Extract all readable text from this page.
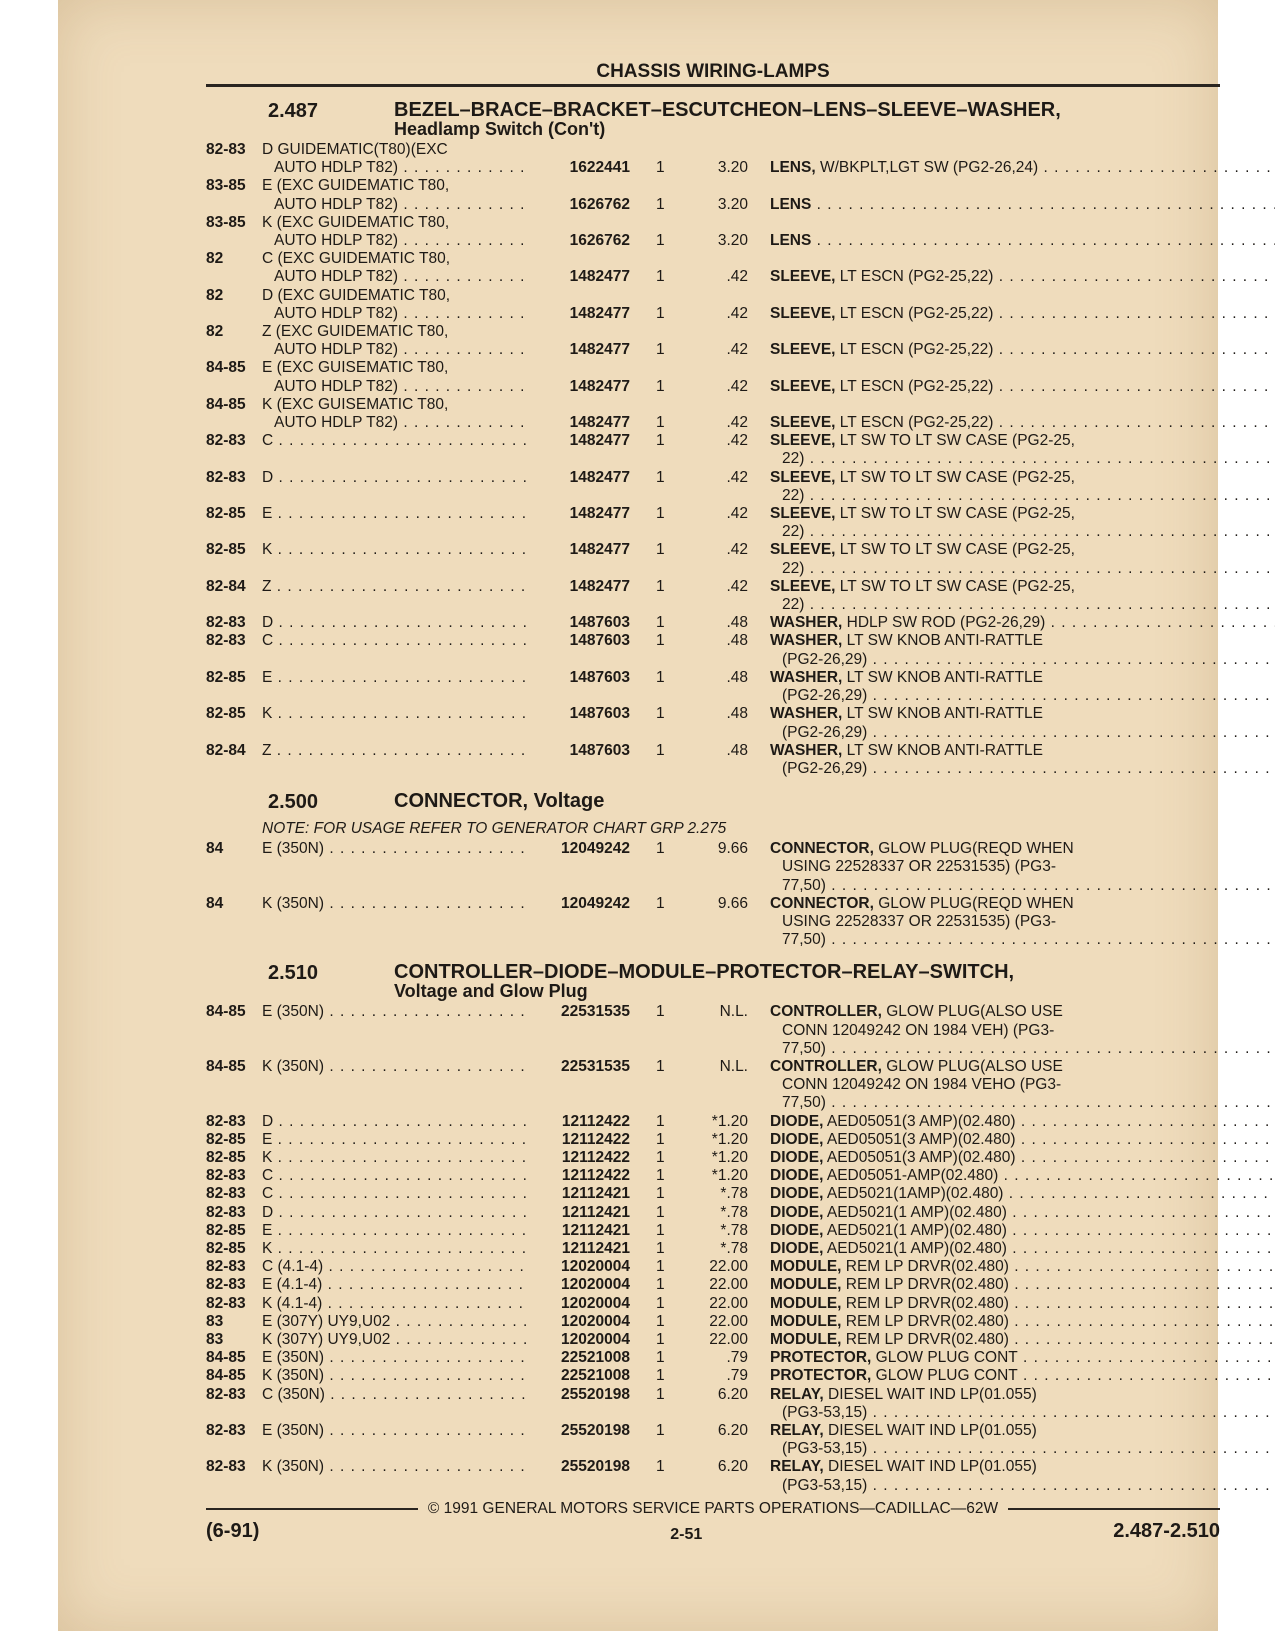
CHASSIS WIRING-LAMPS
2.487	BEZEL–BRACE–BRACKET–ESCUTCHEON–LENS–SLEEVE–WASHER,
Headlamp Switch (Con't)
82-83	D GUIDEMATIC(T80)(EXC
AUTO HDLP T82) . . .	1622441	1	3.20	LENS, W/BKPLT,LGT SW (PG2-26,24) . . .
83-85	E (EXC GUIDEMATIC T80,
AUTO HDLP T82) . . .	1626762	1	3.20	LENS . . .
83-85	K (EXC GUIDEMATIC T80,
AUTO HDLP T82) . . .	1626762	1	3.20	LENS . . .
82	C (EXC GUIDEMATIC T80,
AUTO HDLP T82) . . .	1482477	1	.42	SLEEVE, LT ESCN (PG2-25,22) . . .
82	D (EXC GUIDEMATIC T80,
AUTO HDLP T82) . . .	1482477	1	.42	SLEEVE, LT ESCN (PG2-25,22) . . .
82	Z (EXC GUIDEMATIC T80,
AUTO HDLP T82) . . .	1482477	1	.42	SLEEVE, LT ESCN (PG2-25,22) . . .
84-85	E (EXC GUISEMATIC T80,
AUTO HDLP T82) . . .	1482477	1	.42	SLEEVE, LT ESCN (PG2-25,22) . . .
84-85	K (EXC GUISEMATIC T80,
AUTO HDLP T82) . . .	1482477	1	.42	SLEEVE, LT ESCN (PG2-25,22) . . .
82-83	C . . .	1482477	1	.42	SLEEVE, LT SW TO LT SW CASE (PG2-25,
22) . . .
82-83	D . . .	1482477	1	.42	SLEEVE, LT SW TO LT SW CASE (PG2-25,
22) . . .
82-85	E . . .	1482477	1	.42	SLEEVE, LT SW TO LT SW CASE (PG2-25,
22) . . .
82-85	K . . .	1482477	1	.42	SLEEVE, LT SW TO LT SW CASE (PG2-25,
22) . . .
82-84	Z . . .	1482477	1	.42	SLEEVE, LT SW TO LT SW CASE (PG2-25,
22) . . .
82-83	D . . .	1487603	1	.48	WASHER, HDLP SW ROD (PG2-26,29) . . .
82-83	C . . .	1487603	1	.48	WASHER, LT SW KNOB ANTI-RATTLE
(PG2-26,29) . . .
82-85	E . . .	1487603	1	.48	WASHER, LT SW KNOB ANTI-RATTLE
(PG2-26,29) . . .
82-85	K . . .	1487603	1	.48	WASHER, LT SW KNOB ANTI-RATTLE
(PG2-26,29) . . .
82-84	Z . . .	1487603	1	.48	WASHER, LT SW KNOB ANTI-RATTLE
(PG2-26,29) . . .
2.500	CONNECTOR, Voltage
NOTE: FOR USAGE REFER TO GENERATOR CHART GRP 2.275
84	E (350N) . . .	12049242	1	9.66	CONNECTOR, GLOW PLUG(REQD WHEN
USING 22528337 OR 22531535) (PG3-
77,50) . . .
84	K (350N) . . .	12049242	1	9.66	CONNECTOR, GLOW PLUG(REQD WHEN
USING 22528337 OR 22531535) (PG3-
77,50) . . .
2.510	CONTROLLER–DIODE–MODULE–PROTECTOR–RELAY–SWITCH,
Voltage and Glow Plug
84-85	E (350N) . . .	22531535	1	N.L.	CONTROLLER, GLOW PLUG(ALSO USE
CONN 12049242 ON 1984 VEH) (PG3-
77,50) . . .
84-85	K (350N) . . .	22531535	1	N.L.	CONTROLLER, GLOW PLUG(ALSO USE
CONN 12049242 ON 1984 VEHO (PG3-
77,50) . . .
82-83	D . . .	12112422	1	*1.20	DIODE, AED05051(3 AMP)(02.480) . . .
82-85	E . . .	12112422	1	*1.20	DIODE, AED05051(3 AMP)(02.480) . . .
82-85	K . . .	12112422	1	*1.20	DIODE, AED05051(3 AMP)(02.480) . . .
82-83	C . . .	12112422	1	*1.20	DIODE, AED05051-AMP(02.480) . . .
82-83	C . . .	12112421	1	*.78	DIODE, AED5021(1AMP)(02.480) . . .
82-83	D . . .	12112421	1	*.78	DIODE, AED5021(1 AMP)(02.480) . . .
82-85	E . . .	12112421	1	*.78	DIODE, AED5021(1 AMP)(02.480) . . .
82-85	K . . .	12112421	1	*.78	DIODE, AED5021(1 AMP)(02.480) . . .
82-83	C (4.1-4) . . .	12020004	1	22.00	MODULE, REM LP DRVR(02.480) . . .
82-83	E (4.1-4) . . .	12020004	1	22.00	MODULE, REM LP DRVR(02.480) . . .
82-83	K (4.1-4) . . .	12020004	1	22.00	MODULE, REM LP DRVR(02.480) . . .
83	E (307Y) UY9,U02 . . .	12020004	1	22.00	MODULE, REM LP DRVR(02.480) . . .
83	K (307Y) UY9,U02 . . .	12020004	1	22.00	MODULE, REM LP DRVR(02.480) . . .
84-85	E (350N) . . .	22521008	1	.79	PROTECTOR, GLOW PLUG CONT . . .
84-85	K (350N) . . .	22521008	1	.79	PROTECTOR, GLOW PLUG CONT . . .
82-83	C (350N) . . .	25520198	1	6.20	RELAY, DIESEL WAIT IND LP(01.055)
(PG3-53,15) . . .
82-83	E (350N) . . .	25520198	1	6.20	RELAY, DIESEL WAIT IND LP(01.055)
(PG3-53,15) . . .
82-83	K (350N) . . .	25520198	1	6.20	RELAY, DIESEL WAIT IND LP(01.055)
(PG3-53,15) . . .
© 1991 GENERAL MOTORS SERVICE PARTS OPERATIONS—CADILLAC—62W
(6-91)	2-51	2.487-2.510
